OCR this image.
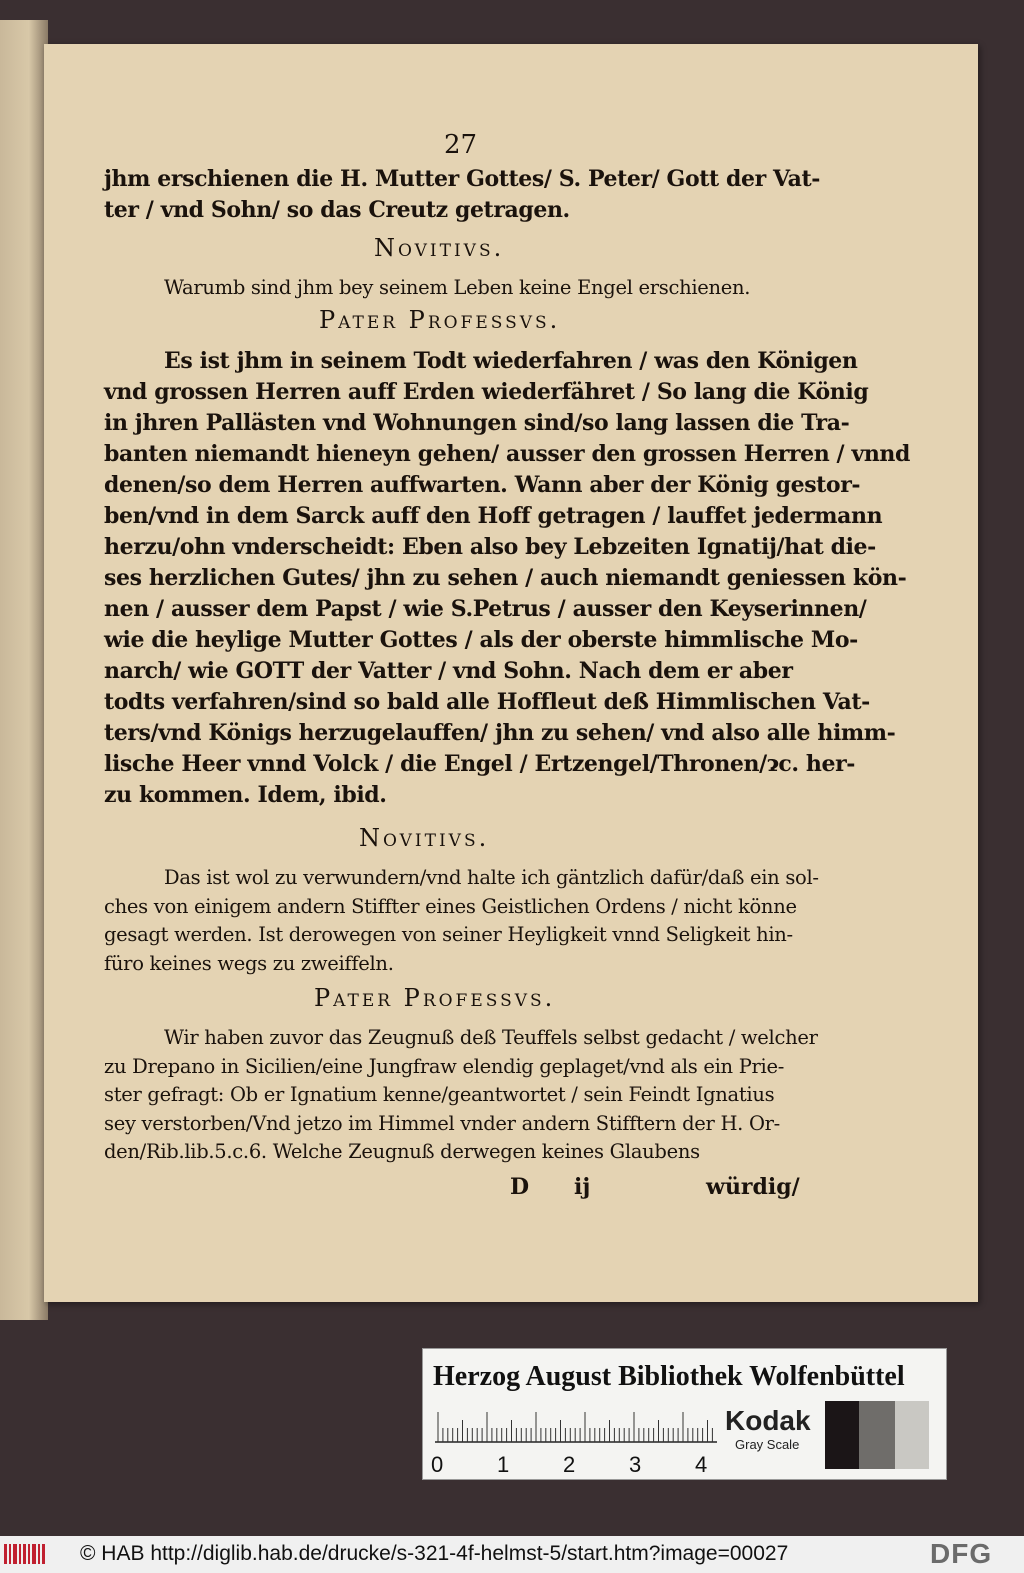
27
jhm erschienen die H. Mutter Gottes/ S. Peter/ Gott der Vat-
ter / vnd Sohn/ so das Creutz getragen.
Novitivs.
Warumb sind jhm bey seinem Leben keine Engel erschienen.
Pater Professvs.
Es ist jhm in seinem Todt wiederfahren / was den Königen
vnd grossen Herren auff Erden wiederfähret / So lang die König
in jhren Pallästen vnd Wohnungen sind/so lang lassen die Tra-
banten niemandt hieneyn gehen/ ausser den grossen Herren / vnnd
denen/so dem Herren auffwarten. Wann aber der König gestor-
ben/vnd in dem Sarck auff den Hoff getragen / lauffet jedermann
herzu/ohn vnderscheidt: Eben also bey Lebzeiten Ignatij/hat die-
ses herzlichen Gutes/ jhn zu sehen / auch niemandt geniessen kön-
nen / ausser dem Papst / wie S.Petrus / ausser den Keyserinnen/
wie die heylige Mutter Gottes / als der oberste himmlische Mo-
narch/ wie GOTT der Vatter / vnd Sohn. Nach dem er aber
todts verfahren/sind so bald alle Hoffleut deß Himmlischen Vat-
ters/vnd Königs herzugelauffen/ jhn zu sehen/ vnd also alle himm-
lische Heer vnnd Volck / die Engel / Ertzengel/Thronen/ɂc. her-
zu kommen. Idem, ibid.
Novitivs.
Das ist wol zu verwundern/vnd halte ich gäntzlich dafür/daß ein sol-
ches von einigem andern Stiffter eines Geistlichen Ordens / nicht könne
gesagt werden. Ist derowegen von seiner Heyligkeit vnnd Seligkeit hin-
füro keines wegs zu zweiffeln.
Pater Professvs.
Wir haben zuvor das Zeugnuß deß Teuffels selbst gedacht / welcher
zu Drepano in Sicilien/eine Jungfraw elendig geplaget/vnd als ein Prie-
ster gefragt: Ob er Ignatium kenne/geantwortet / sein Feindt Ignatius
sey verstorben/Vnd jetzo im Himmel vnder andern Stifftern der H. Or-
den/Rib.lib.5.c.6. Welche Zeugnuß derwegen keines Glaubens
D ij	würdig/
Herzog August Bibliothek Wolfenbüttel
0 1 2 3 4
Kodak
Gray Scale
© HAB http://diglib.hab.de/drucke/s-321-4f-helmst-5/start.htm?image=00027	DFG
